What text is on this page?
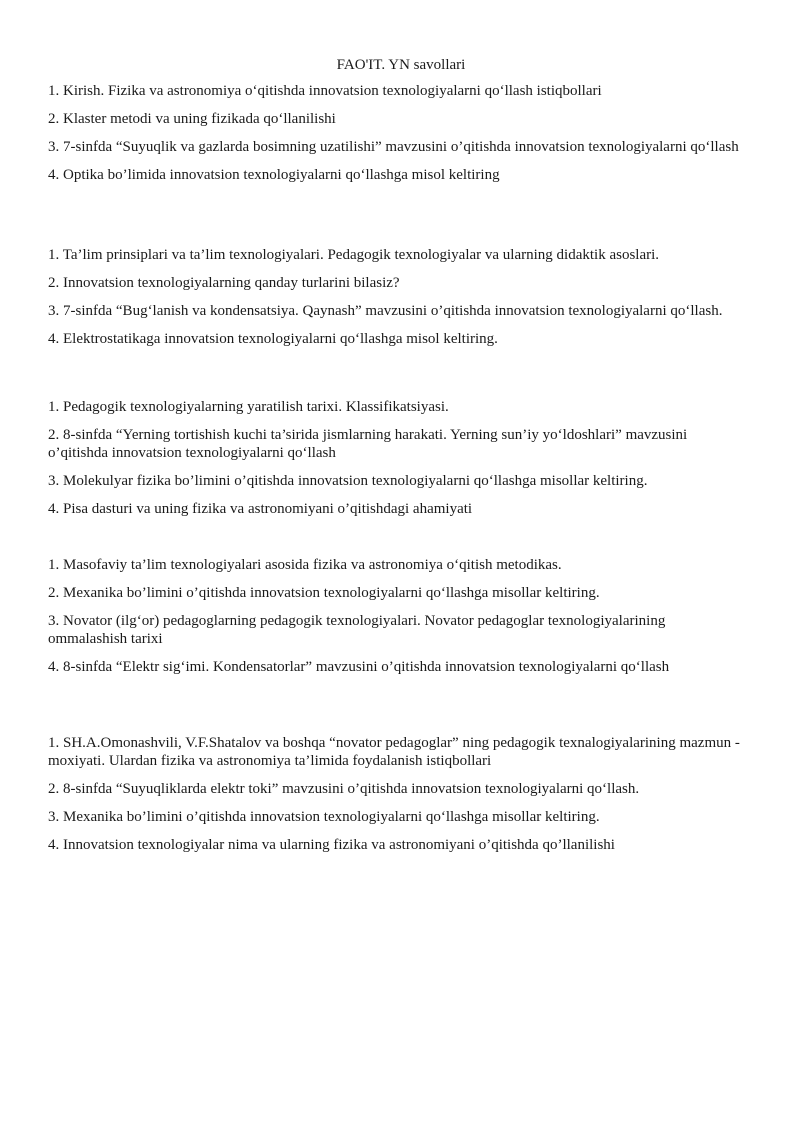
FAO'IT. YN savollari
1. Kirish. Fizika va astronomiya o‘qitishda innovatsion texnologiyalarni qo‘llash istiqbollari
2. Klaster metodi va uning fizikada qo‘llanilishi
3. 7-sinfda “Suyuqlik va gazlarda bosimning uzatilishi” mavzusini o’qitishda innovatsion texnologiyalarni qo‘llash
4. Optika bo’limida innovatsion texnologiyalarni qo‘llashga misol keltiring
1. Ta’lim prinsiplari va ta’lim texnologiyalari. Pedagogik texnologiyalar va ularning didaktik asoslari.
2. Innovatsion texnologiyalarning qanday turlarini bilasiz?
3. 7-sinfda “Bug‘lanish va kondensatsiya. Qaynash” mavzusini o’qitishda innovatsion texnologiyalarni qo‘llash.
4. Elektrostatikaga innovatsion texnologiyalarni qo‘llashga misol keltiring.
1. Pedagogik texnologiyalarning yaratilish tarixi. Klassifikatsiyasi.
2. 8-sinfda “Yerning tortishish kuchi ta’sirida jismlarning harakati. Yerning sun’iy yo‘ldoshlari” mavzusini o’qitishda innovatsion texnologiyalarni qo‘llash
3. Molekulyar fizika bo’limini o’qitishda innovatsion texnologiyalarni qo‘llashga misollar keltiring.
4. Pisa dasturi va uning fizika va astronomiyani o’qitishdagi ahamiyati
1. Masofaviy ta’lim texnologiyalari asosida fizika va astronomiya o‘qitish metodikas.
2. Mexanika bo’limini o’qitishda innovatsion texnologiyalarni qo‘llashga misollar keltiring.
3. Novator (ilg‘or) pedagoglarning pedagogik texnologiyalari. Novator pedagoglar texnologiyalarining ommalashish tarixi
4. 8-sinfda “Elektr sig‘imi. Kondensatorlar” mavzusini o’qitishda innovatsion texnologiyalarni qo‘llash
1. SH.A.Omonashvili, V.F.Shatalov va boshqa “novator pedagoglar” ning pedagogik texnalogiyalarining mazmun - moxiyati. Ulardan fizika va astronomiya ta’limida foydalanish istiqbollari
2. 8-sinfda “Suyuqliklarda elektr toki” mavzusini o’qitishda innovatsion texnologiyalarni qo‘llash.
3. Mexanika bo’limini o’qitishda innovatsion texnologiyalarni qo‘llashga misollar keltiring.
4. Innovatsion texnologiyalar nima va ularning fizika va astronomiyani o’qitishda qo’llanilishi
